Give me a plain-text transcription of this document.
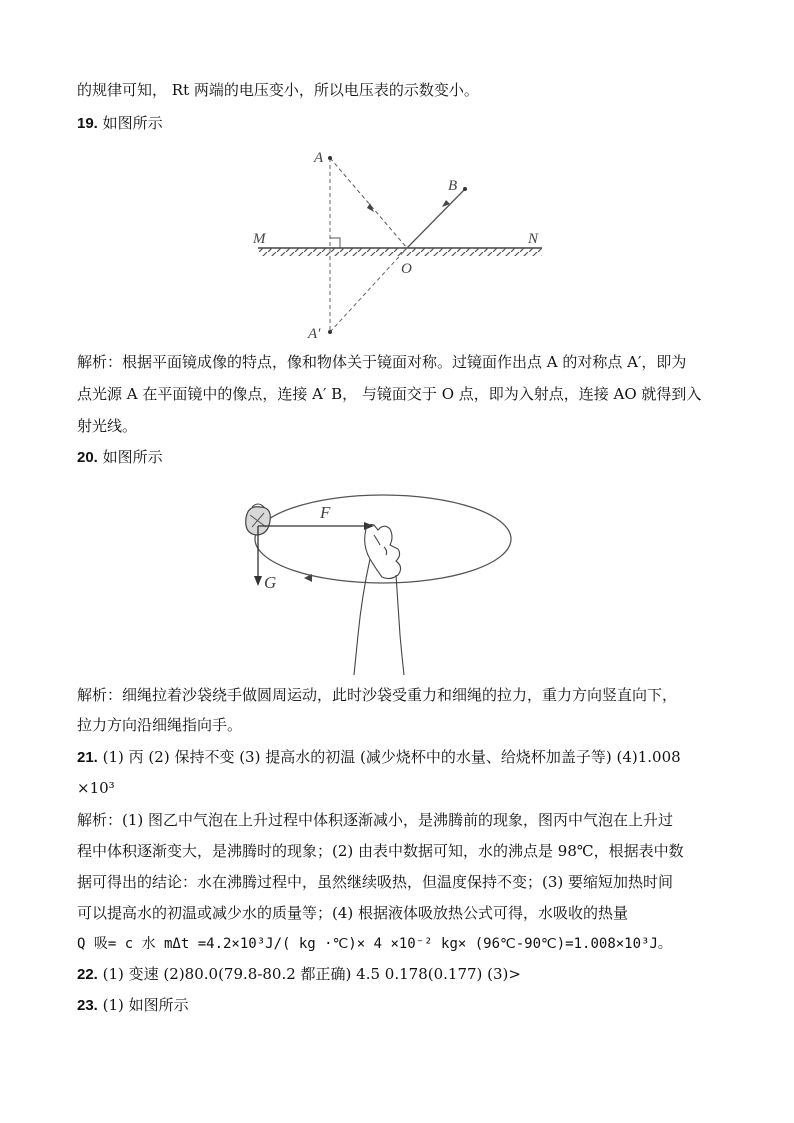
的规律可知， Rt 两端的电压变小，所以电压表的示数变小。
19. 如图所示
A
B
M	N
O
A′
解析：根据平面镜成像的特点，像和物体关于镜面对称。过镜面作出点 A 的对称点 A′，即为
点光源 A 在平面镜中的像点，连接 A′ B， 与镜面交于 O 点，即为入射点，连接 AO 就得到入
射光线。
20. 如图所示
F
G
解析：细绳拉着沙袋绕手做圆周运动，此时沙袋受重力和细绳的拉力，重力方向竖直向下，
拉力方向沿细绳指向手。
21. (1) 丙 (2) 保持不变 (3) 提高水的初温 (减少烧杯中的水量、给烧杯加盖子等) (4)1.008
×10³
解析：(1) 图乙中气泡在上升过程中体积逐渐减小，是沸腾前的现象，图丙中气泡在上升过
程中体积逐渐变大，是沸腾时的现象；(2) 由表中数据可知，水的沸点是 98℃，根据表中数
据可得出的结论：水在沸腾过程中，虽然继续吸热，但温度保持不变；(3) 要缩短加热时间
可以提高水的初温或减少水的质量等；(4) 根据液体吸放热公式可得，水吸收的热量
Q 吸= c 水 mΔt =4.2×10³J/( kg ·℃)× 4 ×10⁻² kg× (96℃-90℃)=1.008×10³J。
22. (1) 变速 (2)80.0(79.8-80.2 都正确) 4.5 0.178(0.177) (3)>
23. (1) 如图所示
